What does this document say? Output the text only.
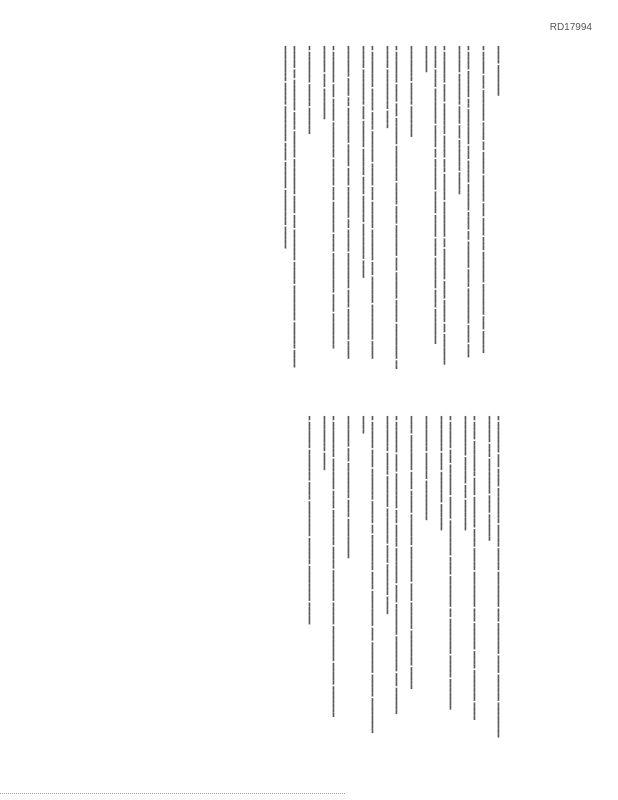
RD17994
▂▂▂▂ ▂▂▂▂▂▂▂
▂ ▂▂▂▂▂ ▂▂▂ ▂▂▂▂▂▂▂ ▂▂▂▂ ▂▂ ▂▂▂▂▂ ▂▂▂▂▂▂ ▂▂▂ ▂▂▂▂ ▂▂▂ ▂▂▂▂▂▂▂ ▂▂▂▂▂▂▂ ▂▂▂ ▂▂▂▂▂
▂ ▂▂▂▂ ▂▂▂▂▂▂ ▂▂ ▂▂▂▂▂▂▂▂ ▂▂▂ ▂▂▂▂▂ ▂▂▂▂▂▂ ▂▂▂▂ ▂▂ ▂▂▂▂▂▂ ▂▂▂▂ ▂▂▂▂▂▂▂▂ ▂▂▂▂ ▂▂▂ ▂▂▂▂▂▂ ▂▂▂▂▂▂▂ ▂▂▂▂ ▂▂▂ ▂▂▂▂▂▂▂ ▂▂▂▂▂
▂ ▂▂▂▂▂▂▂ ▂▂▂▂ ▂▂▂▂▂▂▂ ▂▂▂▂▂ ▂▂▂ ▂▂▂▂▂▂ ▂▂▂▂▂▂▂▂ ▂▂ ▂▂▂▂▂▂▂ ▂▂▂▂ ▂▂▂▂▂ ▂▂ ▂▂▂▂▂▂▂ ▂▂▂▂▂ ▂▂▂▂ ▂▂▂▂▂▂▂▂ ▂▂▂▂▂ ▂▂ ▂▂▂▂▂▂▂ ▂▂▂▂▂ ▂▂▂▂▂ ▂▂▂▂ ▂▂▂▂▂▂▂ ▂▂▂▂ ▂▂▂▂▂▂▂▂ ▂▂▂▂▂▂
▂▂▂▂▂▂▂▂ ▂▂▂▂▂ ▂▂▂▂▂▂▂
▂ ▂▂▂▂▂▂▂ ▂▂▂▂ ▂▂▂ ▂▂▂▂▂▂ ▂▂▂▂▂▂▂▂ ▂▂▂▂▂ ▂▂▂▂ ▂▂▂▂▂▂▂ ▂▂▂ ▂▂▂▂▂▂ ▂▂▂▂▂ ▂▂▂▂▂▂▂▂ ▂▂ ▂▂▂▂▂ ▂▂▂▂▂▂▂▂▂ ▂▂▂▂
▂ ▂▂▂▂▂▂▂▂ ▂▂▂▂▂ ▂▂▂▂ ▂▂▂▂▂▂▂ ▂▂▂▂▂ ▂▂▂ ▂▂▂▂▂▂ ▂▂▂▂▂▂▂ ▂▂▂ ▂▂▂▂▂▂ ▂▂▂▂▂▂▂▂ ▂▂▂▂ ▂▂▂▂▂ ▂▂▂▂▂▂▂▂ ▂▂▂ ▂▂▂▂▂▂ ▂▂▂▂▂▂ ▂▂▂▂ ▂▂▂▂▂▂ ▂▂▂▂▂▂▂▂ ▂▂▂▂
▂▂▂▂▂▂▂ ▂▂▂▂ ▂▂ ▂▂▂▂▂▂▂▂ ▂▂▂▂▂ ▂▂▂▂ ▂▂▂▂▂▂▂ ▂▂ ▂▂▂▂▂ ▂▂▂▂▂▂▂▂ ▂▂▂▂ ▂▂▂▂▂▂▂ ▂▂▂▂
▂ ▂▂▂▂▂▂▂ ▂▂▂ ▂▂▂▂▂ ▂▂▂▂▂▂▂▂ ▂▂▂▂▂▂ ▂▂▂ ▂▂▂▂▂▂▂ ▂▂▂▂ ▂▂▂▂▂▂▂▂▂ ▂▂▂▂ ▂▂▂▂▂▂▂▂ ▂▂▂▂▂▂ ▂▂▂ ▂▂▂▂▂▂▂
▂ ▂▂▂▂▂▂▂ ▂▂▂▂▂ ▂▂▂▂▂▂
▂▂▂▂▂ ▂▂ ▂▂▂▂▂▂▂ ▂▂▂▂ ▂▂▂▂▂▂ ▂▂▂▂▂▂▂▂ ▂▂▂▂ ▂▂▂ ▂▂▂▂▂▂▂ ▂▂▂▂▂ ▂▂▂▂▂▂▂▂ ▂▂▂▂▂▂ ▂▂▂▂ ▂▂▂▂▂▂▂▂ ▂▂▂▂▂ ▂▂▂▂▂▂▂▂ ▂▂▂▂ ▂▂▂▂▂▂ ▂▂▂▂▂▂▂▂ ▂▂▂▂▂
▂ ▂▂▂▂▂▂▂ ▂▂▂ ▂▂▂▂ ▂▂▂▂▂▂▂▂ ▂▂▂▂▂ ▂▂▂▂▂ ▂▂▂▂▂▂▂▂ ▂▂▂ ▂▂▂▂▂▂▂ ▂▂▂▂ ▂▂▂▂▂▂ ▂▂▂▂▂▂▂▂ ▂▂▂▂▂▂ ▂▂▂ ▂▂▂▂▂▂▂▂ ▂▂▂▂ ▂▂▂▂▂▂
▂ ▂▂▂▂ ▂▂▂▂▂▂▂▂ ▂▂▂▂ ▂▂▂▂▂▂▂ ▂▂▂▂ ▂▂▂▂▂ ▂▂▂▂▂▂▂▂ ▂▂▂ ▂▂▂▂▂▂ ▂▂▂▂ ▂▂▂▂▂▂▂ ▂▂▂▂ ▂▂▂▂▂▂▂▂▂ ▂▂▂▂▂▂ ▂▂▂ ▂▂▂▂▂▂▂
▂ ▂▂▂▂▂▂ ▂▂▂ ▂▂▂▂▂▂▂ ▂▂▂▂▂ ▂▂▂▂▂▂▂▂ ▂▂▂▂ ▂▂▂▂▂▂▂ ▂▂ ▂▂▂▂▂▂▂▂ ▂▂▂▂▂ ▂▂▂▂▂▂▂ ▂▂▂▂▂▂▂▂ ▂▂▂▂ ▂▂▂▂▂▂▂ ▂▂▂▂▂▂
▂▂▂▂▂▂▂▂ ▂▂▂▂▂▂ ▂▂▂▂▂▂▂▂▂
▂▂▂▂ ▂▂▂▂▂▂▂▂ ▂▂▂▂ ▂▂▂▂▂ ▂▂▂▂▂▂▂ ▂▂▂▂▂▂▂▂ ▂▂▂▂ ▂▂▂▂▂▂ ▂▂▂▂▂▂▂▂ ▂▂▂▂▂
▂ ▂▂▂▂▂▂▂ ▂▂▂▂ ▂▂▂▂▂▂▂▂ ▂▂▂ ▂▂▂▂▂ ▂▂▂▂▂▂▂▂ ▂▂▂▂ ▂▂▂▂▂▂▂ ▂▂▂▂▂▂▂▂ ▂▂▂ ▂▂▂▂▂▂ ▂▂▂▂▂▂▂▂ ▂▂▂▂▂ ▂▂▂▂▂▂▂ ▂▂▂▂▂▂▂▂ ▂▂▂▂ ▂▂▂▂▂▂▂ ▂▂▂▂
▂ ▂▂▂▂▂▂ ▂▂▂▂ ▂▂▂▂▂▂▂ ▂▂▂▂▂ ▂▂ ▂▂▂▂▂▂▂▂ ▂▂▂▂ ▂▂▂▂▂▂▂▂ ▂▂▂ ▂▂▂▂▂▂▂ ▂▂▂▂▂ ▂▂▂▂▂▂▂▂ ▂▂▂▂
▂▂▂▂▂▂▂ ▂▂▂ ▂▂▂▂▂▂▂▂ ▂▂▂▂ ▂▂▂▂▂▂▂▂▂
▂ ▂▂▂▂▂▂▂▂ ▂▂▂▂▂▂▂ ▂▂▂▂ ▂▂▂▂▂▂▂▂ ▂▂▂▂▂ ▂▂▂▂▂▂▂ ▂▂▂▂▂ ▂▂▂▂▂▂▂▂ ▂▂▂▂▂ ▂▂▂▂▂▂▂ ▂▂▂▂▂▂▂▂ ▂▂▂▂
▂ ▂▂▂▂▂▂ ▂▂▂▂▂▂▂ ▂▂▂▂ ▂▂▂▂▂▂▂▂ ▂▂▂▂▂▂ ▂▂▂▂▂▂▂▂ ▂▂▂▂▂
